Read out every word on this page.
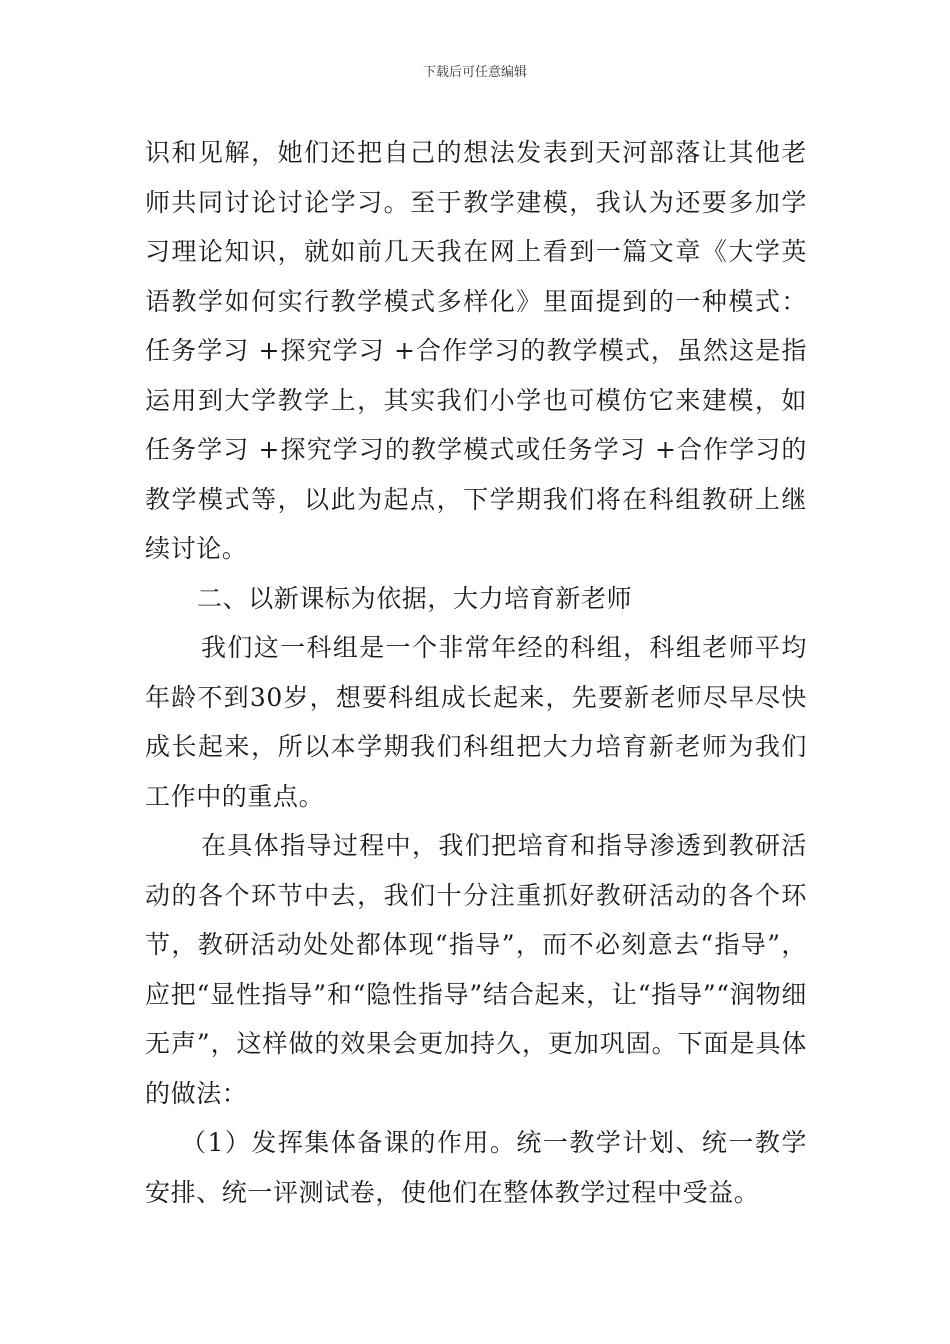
下载后可任意编辑

识和见解，她们还把自己的想法发表到天河部落让其他老师共同讨论讨论学习。至于教学建模，我认为还要多加学习理论知识，就如前几天我在网上看到一篇文章《大学英语教学如何实行教学模式多样化》里面提到的一种模式：任务学习 +探究学习 +合作学习的教学模式，虽然这是指运用到大学教学上，其实我们小学也可模仿它来建模，如任务学习 +探究学习的教学模式或任务学习 +合作学习的教学模式等，以此为起点，下学期我们将在科组教研上继续讨论。

二、以新课标为依据，大力培育新老师

我们这一科组是一个非常年经的科组，科组老师平均年龄不到30岁，想要科组成长起来，先要新老师尽早尽快成长起来，所以本学期我们科组把大力培育新老师为我们工作中的重点。

在具体指导过程中，我们把培育和指导渗透到教研活动的各个环节中去，我们十分注重抓好教研活动的各个环节，教研活动处处都体现“指导”，而不必刻意去“指导”，应把“显性指导”和“隐性指导”结合起来，让“指导”“润物细无声”，这样做的效果会更加持久，更加巩固。下面是具体的做法：

（1）发挥集体备课的作用。统一教学计划、统一教学安排、统一评测试卷，使他们在整体教学过程中受益。
